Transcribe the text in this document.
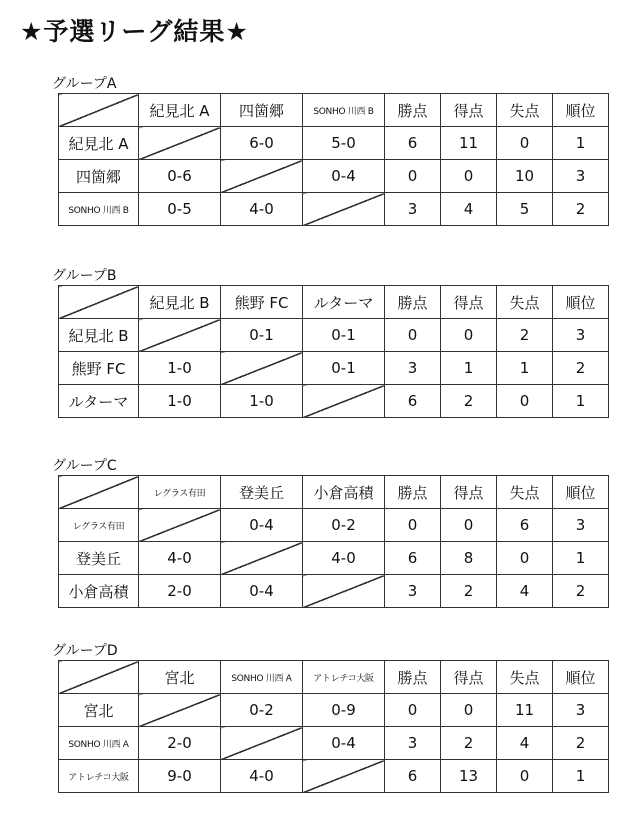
★予選リーグ結果★
グループA
	紀見北 A	四箇郷	SONHO 川西 B	勝点	得点	失点	順位
紀見北 A		6-0	5-0	6	11	0	1
四箇郷	0-6		0-4	0	0	10	3
SONHO 川西 B	0-5	4-0		3	4	5	2
グループB
	紀見北 B	熊野 FC	ルターマ	勝点	得点	失点	順位
紀見北 B		0-1	0-1	0	0	2	3
熊野 FC	1-0		0-1	3	1	1	2
ルターマ	1-0	1-0		6	2	0	1
グループC
	レグラス有田	登美丘	小倉高積	勝点	得点	失点	順位
レグラス有田		0-4	0-2	0	0	6	3
登美丘	4-0		4-0	6	8	0	1
小倉高積	2-0	0-4		3	2	4	2
グループD
	宮北	SONHO 川西 A	アトレチコ大阪	勝点	得点	失点	順位
宮北		0-2	0-9	0	0	11	3
SONHO 川西 A	2-0		0-4	3	2	4	2
アトレチコ大阪	9-0	4-0		6	13	0	1
